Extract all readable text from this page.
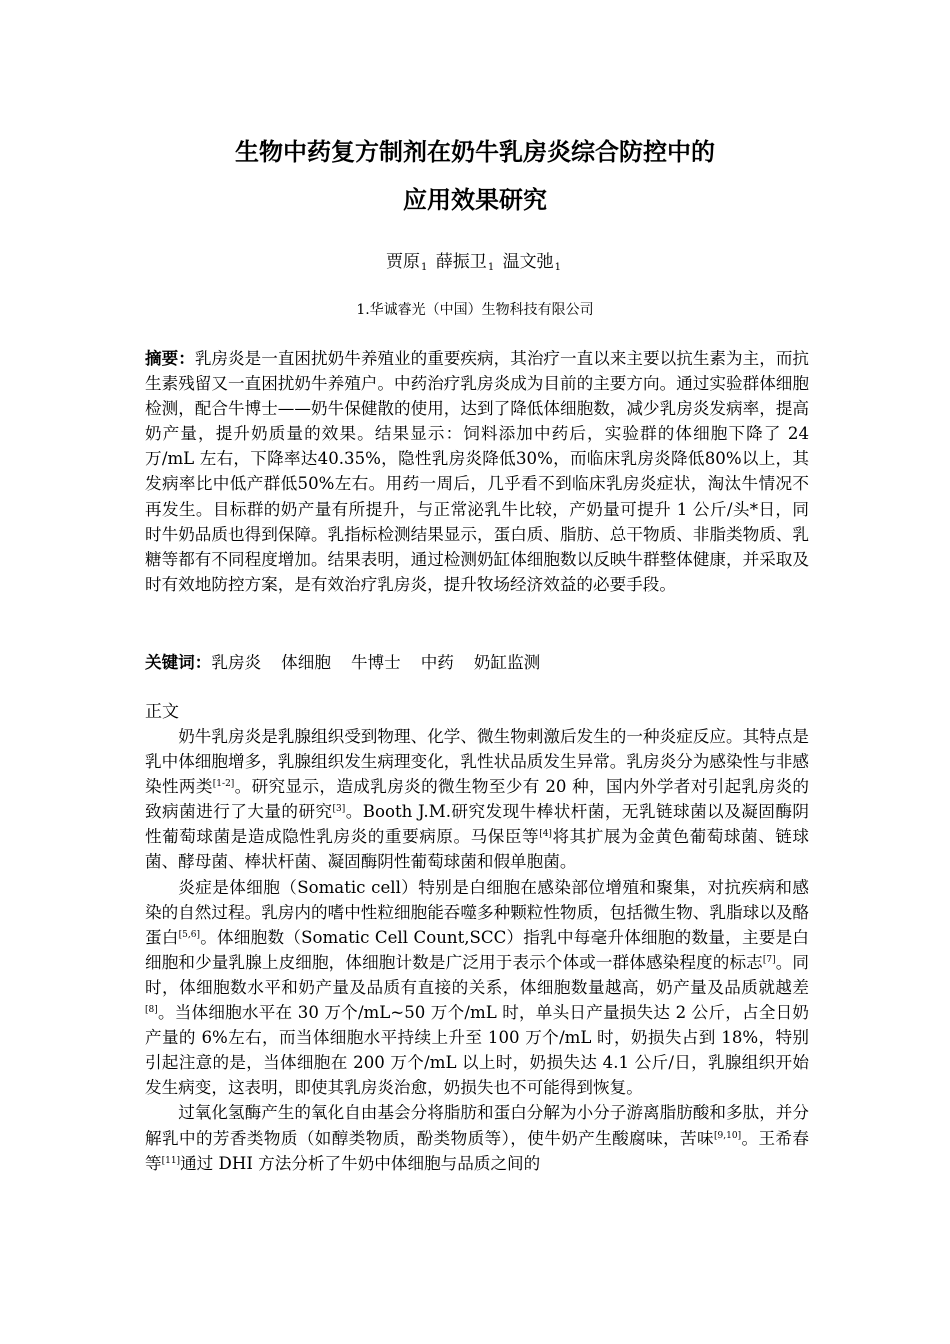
生物中药复方制剂在奶牛乳房炎综合防控中的
应用效果研究
贾原$_1$ 薛振卫$_1$ 温文弛$_1$
1.华诚睿光（中国）生物科技有限公司
摘要：乳房炎是一直困扰奶牛养殖业的重要疾病，其治疗一直以来主要以抗生素为主，而抗生素残留又一直困扰奶牛养殖户。中药治疗乳房炎成为目前的主要方向。通过实验群体细胞检测，配合牛博士——奶牛保健散的使用，达到了降低体细胞数，减少乳房炎发病率，提高奶产量，提升奶质量的效果。结果显示：饲料添加中药后，实验群的体细胞下降了 24 万/mL 左右，下降率达40.35%，隐性乳房炎降低30%，而临床乳房炎降低80%以上，其发病率比中低产群低50%左右。用药一周后，几乎看不到临床乳房炎症状，淘汰牛情况不再发生。目标群的奶产量有所提升，与正常泌乳牛比较，产奶量可提升 1 公斤/头*日，同时牛奶品质也得到保障。乳指标检测结果显示，蛋白质、脂肪、总干物质、非脂类物质、乳糖等都有不同程度增加。结果表明，通过检测奶缸体细胞数以反映牛群整体健康，并采取及时有效地防控方案，是有效治疗乳房炎，提升牧场经济效益的必要手段。
关键词：乳房炎 体细胞 牛博士 中药 奶缸监测
正文

奶牛乳房炎是乳腺组织受到物理、化学、微生物刺激后发生的一种炎症反应。其特点是乳中体细胞增多，乳腺组织发生病理变化，乳性状品质发生异常。乳房炎分为感染性与非感染性两类[1-2]。研究显示，造成乳房炎的微生物至少有 20 种，国内外学者对引起乳房炎的致病菌进行了大量的研究[3]。Booth J.M.研究发现牛棒状杆菌，无乳链球菌以及凝固酶阴性葡萄球菌是造成隐性乳房炎的重要病原。马保臣等[4]将其扩展为金黄色葡萄球菌、链球菌、酵母菌、棒状杆菌、凝固酶阴性葡萄球菌和假单胞菌。

炎症是体细胞（Somatic cell）特别是白细胞在感染部位增殖和聚集，对抗疾病和感染的自然过程。乳房内的嗜中性粒细胞能吞噬多种颗粒性物质，包括微生物、乳脂球以及酪蛋白[5,6]。体细胞数（Somatic Cell Count,SCC）指乳中每毫升体细胞的数量，主要是白细胞和少量乳腺上皮细胞，体细胞计数是广泛用于表示个体或一群体感染程度的标志[7]。同时，体细胞数水平和奶产量及品质有直接的关系，体细胞数量越高，奶产量及品质就越差[8]。当体细胞水平在 30 万个/mL~50 万个/mL 时，单头日产量损失达 2 公斤，占全日奶产量的 6%左右，而当体细胞水平持续上升至 100 万个/mL 时，奶损失占到 18%，特别引起注意的是，当体细胞在 200 万个/mL 以上时，奶损失达 4.1 公斤/日，乳腺组织开始发生病变，这表明，即使其乳房炎治愈，奶损失也不可能得到恢复。

过氧化氢酶产生的氧化自由基会分将脂肪和蛋白分解为小分子游离脂肪酸和多肽，并分解乳中的芳香类物质（如醇类物质，酚类物质等），使牛奶产生酸腐味，苦味[9,10]。王希春等[11]通过 DHI 方法分析了牛奶中体细胞与品质之间的
